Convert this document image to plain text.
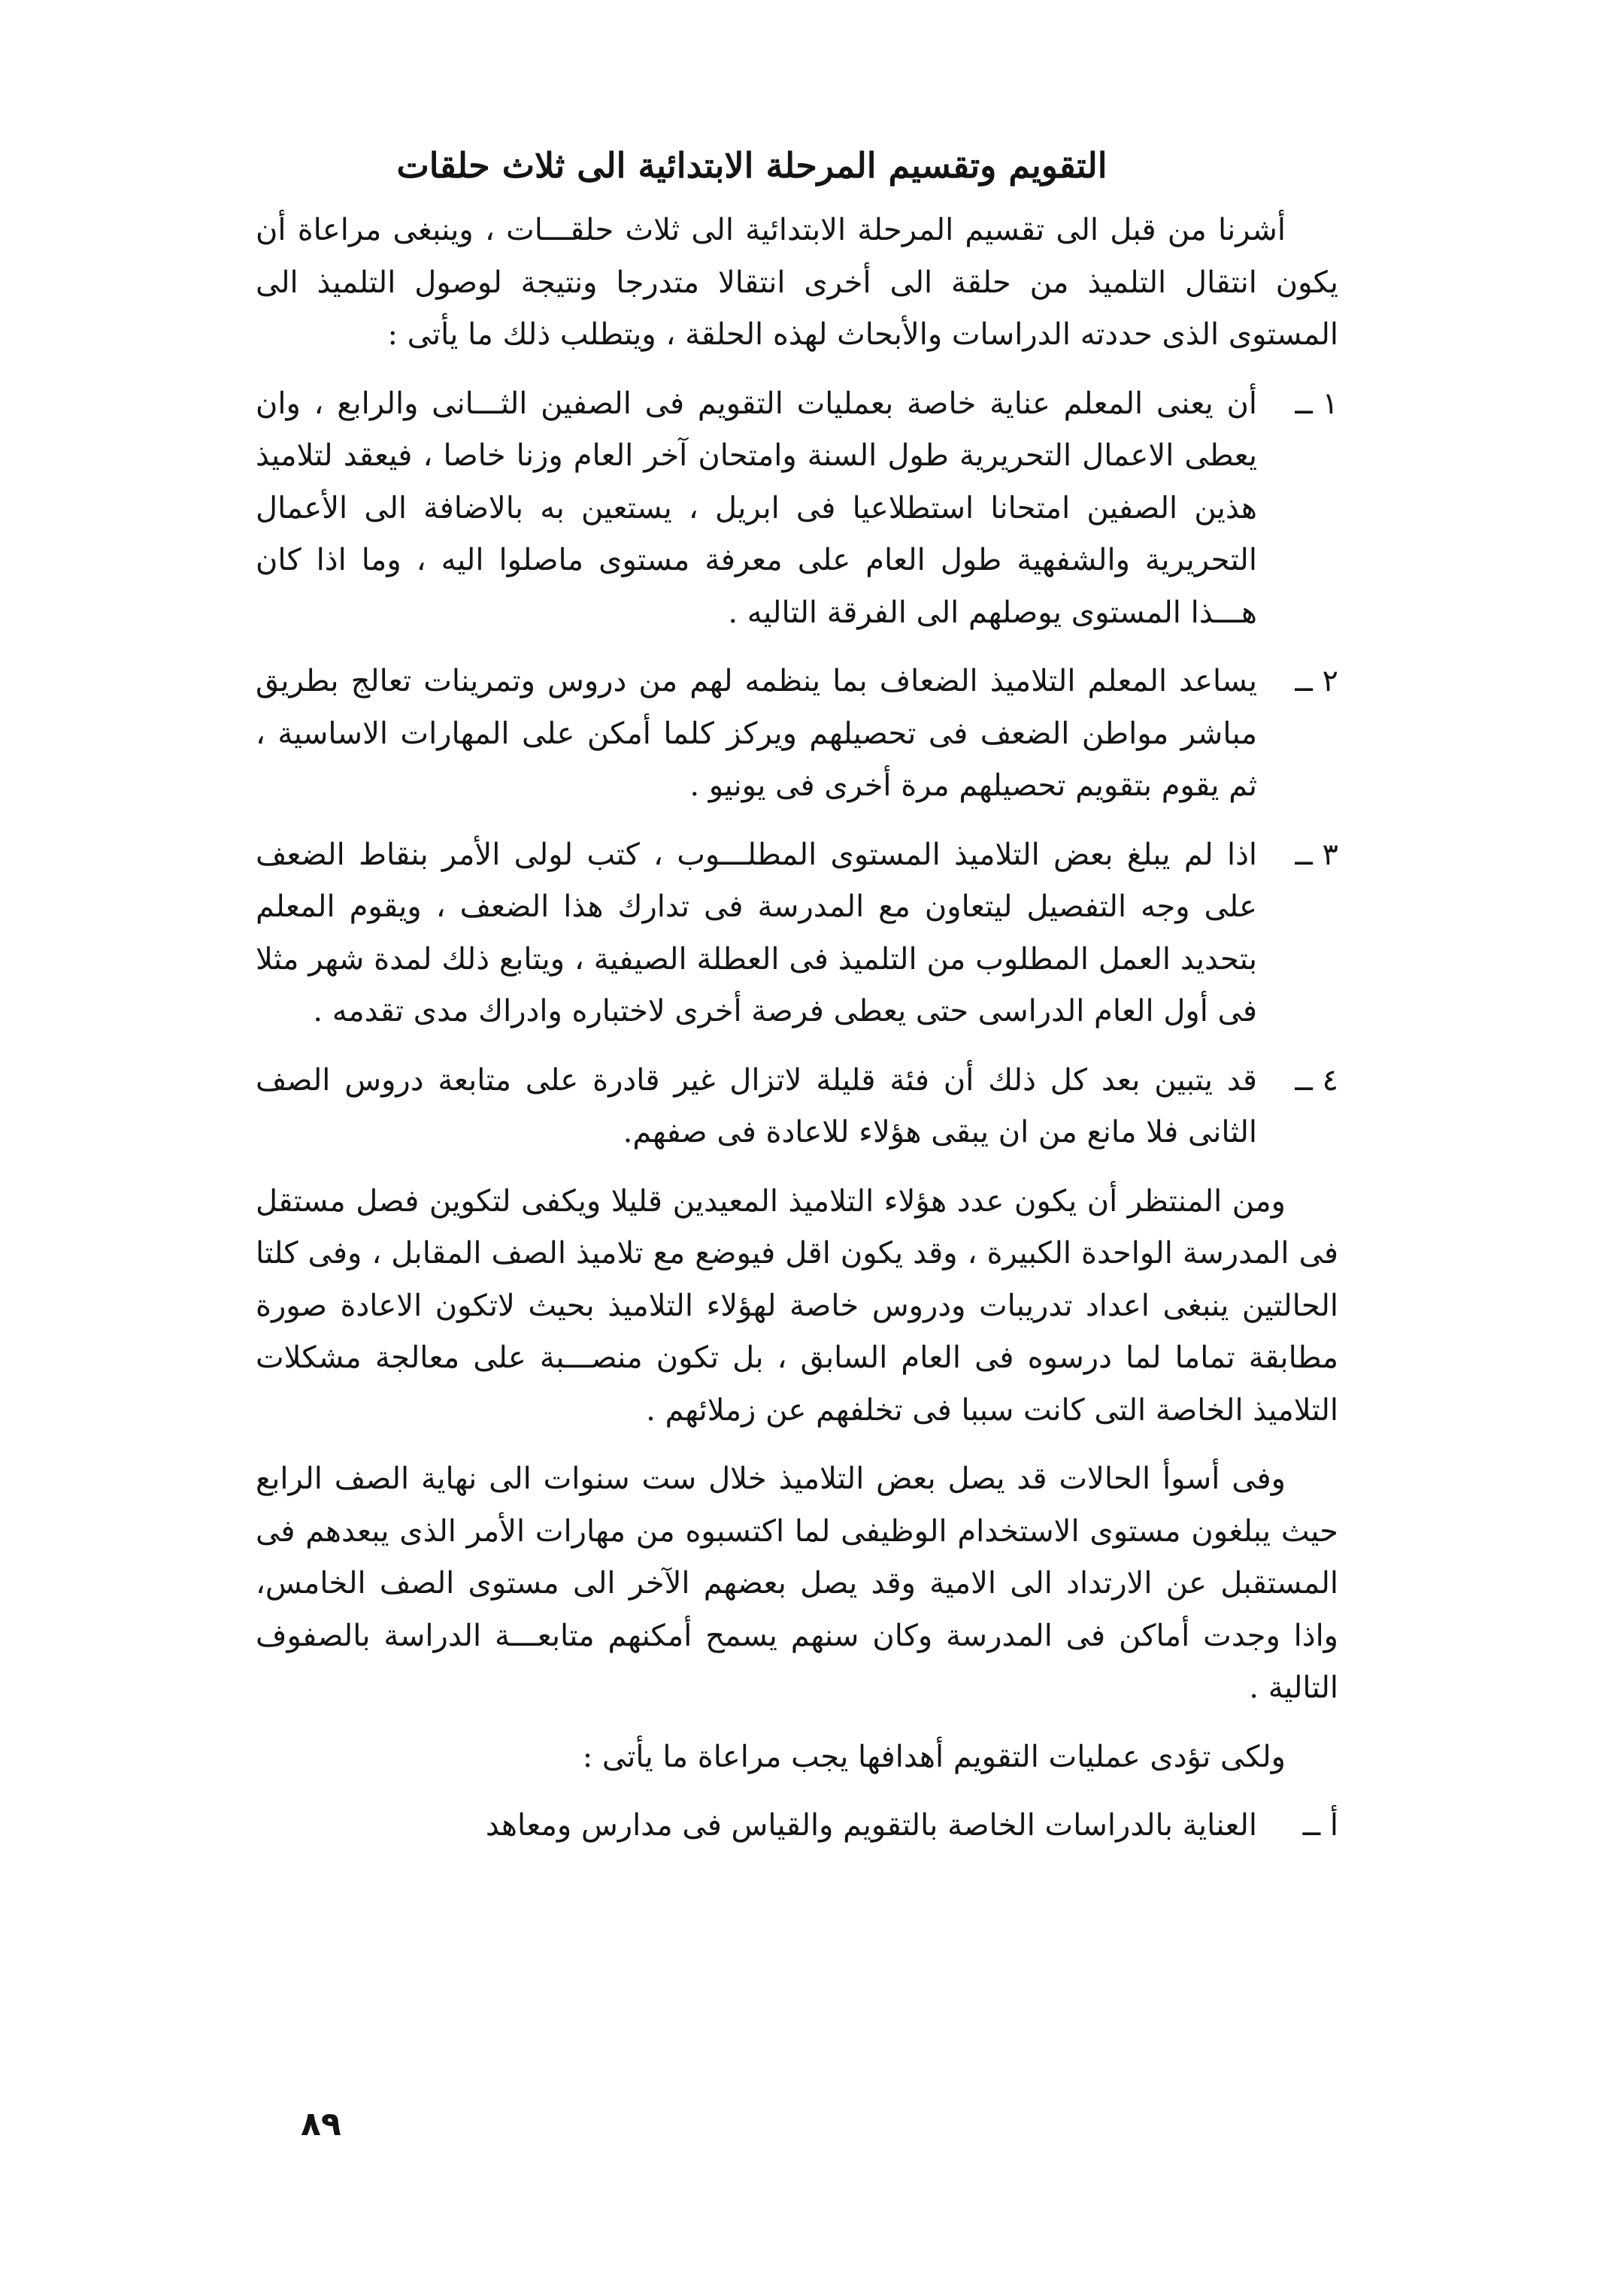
التقويم وتقسيم المرحلة الابتدائية الى ثلاث حلقات

أشرنا من قبل الى تقسيم المرحلة الابتدائية الى ثلاث حلقـــات ، وينبغى مراعاة أن يكون انتقال التلميذ من حلقة الى أخرى انتقالا متدرجا ونتيجة لوصول التلميذ الى المستوى الذى حددته الدراسات والأبحاث لهذه الحلقة ، ويتطلب ذلك ما يأتى :

١ ــ
أن يعنى المعلم عناية خاصة بعمليات التقويم فى الصفين الثـــانى والرابع ، وان يعطى الاعمال التحريرية طول السنة وامتحان آخر العام وزنا خاصا ، فيعقد لتلاميذ هذين الصفين امتحانا استطلاعيا فى ابريل ، يستعين به بالاضافة الى الأعمال التحريرية والشفهية طول العام على معرفة مستوى ماصلوا اليه ، وما اذا كان هـــذا المستوى يوصلهم الى الفرقة التاليه .
٢ ــ
يساعد المعلم التلاميذ الضعاف بما ينظمه لهم من دروس وتمرينات تعالج بطريق مباشر مواطن الضعف فى تحصيلهم ويركز كلما أمكن على المهارات الاساسية ، ثم يقوم بتقويم تحصيلهم مرة أخرى فى يونيو .
٣ ــ
اذا لم يبلغ بعض التلاميذ المستوى المطلـــوب ، كتب لولى الأمر بنقاط الضعف على وجه التفصيل ليتعاون مع المدرسة فى تدارك هذا الضعف ، ويقوم المعلم بتحديد العمل المطلوب من التلميذ فى العطلة الصيفية ، ويتابع ذلك لمدة شهر مثلا فى أول العام الدراسى حتى يعطى فرصة أخرى لاختباره وادراك مدى تقدمه .
٤ ــ
قد يتبين بعد كل ذلك أن فئة قليلة لاتزال غير قادرة على متابعة دروس الصف الثانى فلا مانع من ان يبقى هؤلاء للاعادة فى صفهم.

ومن المنتظر أن يكون عدد هؤلاء التلاميذ المعيدين قليلا ويكفى لتكوين فصل مستقل فى المدرسة الواحدة الكبيرة ، وقد يكون اقل فيوضع مع تلاميذ الصف المقابل ، وفى كلتا الحالتين ينبغى اعداد تدريبات ودروس خاصة لهؤلاء التلاميذ بحيث لاتكون الاعادة صورة مطابقة تماما لما درسوه فى العام السابق ، بل تكون منصـــبة على معالجة مشكلات التلاميذ الخاصة التى كانت سببا فى تخلفهم عن زملائهم .

وفى أسوأ الحالات قد يصل بعض التلاميذ خلال ست سنوات الى نهاية الصف الرابع حيث يبلغون مستوى الاستخدام الوظيفى لما اكتسبوه من مهارات الأمر الذى يبعدهم فى المستقبل عن الارتداد الى الامية وقد يصل بعضهم الآخر الى مستوى الصف الخامس، واذا وجدت أماكن فى المدرسة وكان سنهم يسمح أمكنهم متابعـــة الدراسة بالصفوف التالية .

ولكى تؤدى عمليات التقويم أهدافها يجب مراعاة ما يأتى :

أ ــ
العناية بالدراسات الخاصة بالتقويم والقياس فى مدارس ومعاهد
٨٩
